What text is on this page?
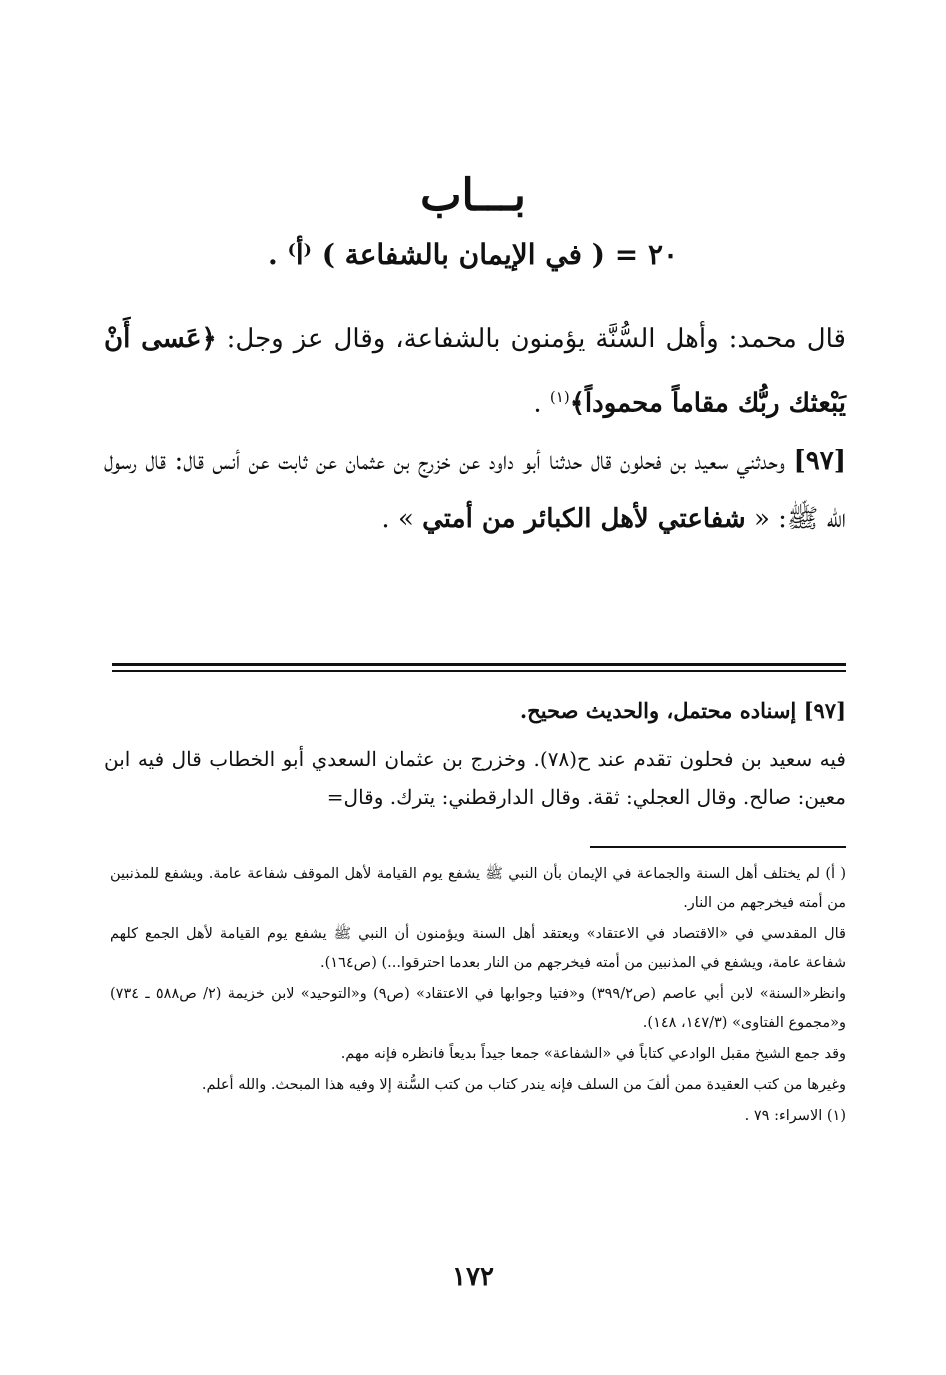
بـــاب
٢٠ = ( في الإيمان بالشفاعة ) ⁽أ⁾ .
قال محمد: وأهل السُّنَّة يؤمنون بالشفاعة، وقال عز وجل: ﴿عَسى أَنْ يَبْعثك ربُّك مقاماً محموداً﴾$^{(١)}$ .
[٩٧] وحدثني سعيد بن فحلون قال حدثنا أبو داود عن خزرج بن عثمان عن ثابت عن أنس قال: قال رسول الله ﷺ: « شفاعتي لأهل الكبائر من أمتي » .
[٩٧] إسناده محتمل، والحديث صحيح.
فيه سعيد بن فحلون تقدم عند ح(٧٨). وخزرج بن عثمان السعدي أبو الخطاب قال فيه ابن معين: صالح. وقال العجلي: ثقة. وقال الدارقطني: يترك. وقال=
( أ) لم يختلف أهل السنة والجماعة في الإيمان بأن النبي ﷺ يشفع يوم القيامة لأهل الموقف شفاعة عامة. ويشفع للمذنبين من أمته فيخرجهم من النار.
قال المقدسي في «الاقتصاد في الاعتقاد» ويعتقد أهل السنة ويؤمنون أن النبي ﷺ يشفع يوم القيامة لأهل الجمع كلهم شفاعة عامة، ويشفع في المذنبين من أمته فيخرجهم من النار بعدما احترقوا...) (ص١٦٤).
وانظر«السنة» لابن أبي عاصم (ص٣٩٩/٢) و«فتيا وجوابها في الاعتقاد» (ص٩) و«التوحيد» لابن خزيمة (٢/ ص٥٨٨ ـ ٧٣٤) و«مجموع الفتاوى» (١٤٧/٣، ١٤٨).
وقد جمع الشيخ مقبل الوادعي كتاباً في «الشفاعة» جمعا جيداً بديعاً فانظره فإنه مهم.
وغيرها من كتب العقيدة ممن ألفَ من السلف فإنه يندر كتاب من كتب السُّنة إلا وفيه هذا المبحث. والله أعلم.
(١) الاسراء: ٧٩ .
١٧٢
